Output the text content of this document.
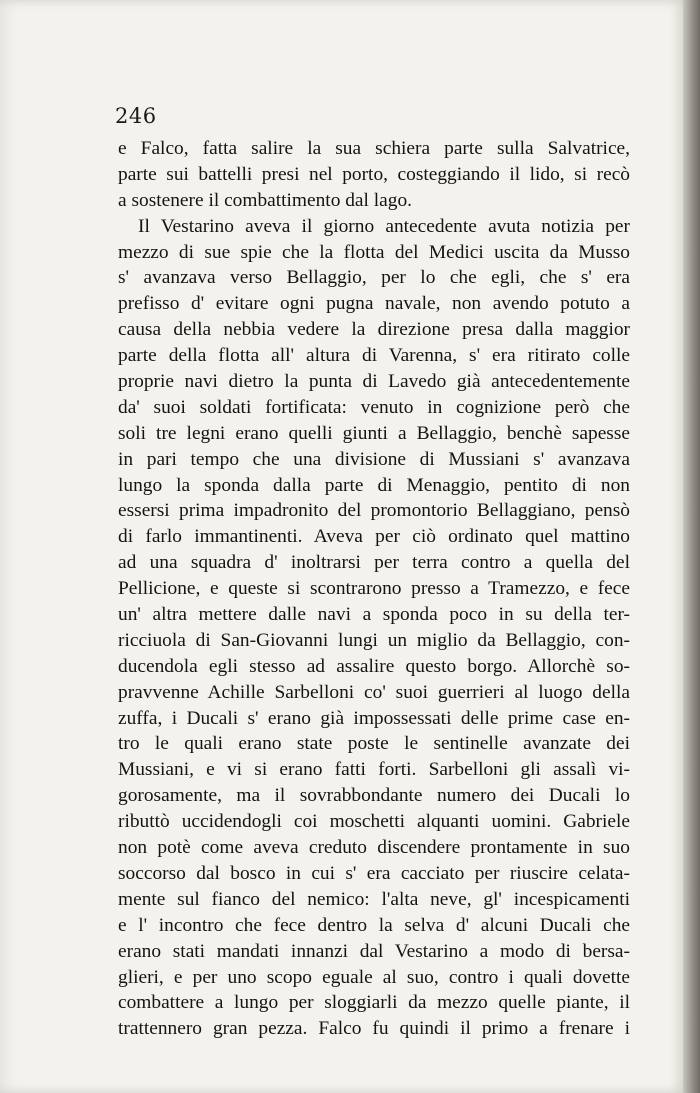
246
e Falco, fatta salire la sua schiera parte sulla Salvatrice,
parte sui battelli presi nel porto, costeggiando il lido, si recò
a sostenere il combattimento dal lago.
Il Vestarino aveva il giorno antecedente avuta notizia per
mezzo di sue spie che la flotta del Medici uscita da Musso
s' avanzava verso Bellaggio, per lo che egli, che s' era
prefisso d' evitare ogni pugna navale, non avendo potuto a
causa della nebbia vedere la direzione presa dalla maggior
parte della flotta all' altura di Varenna, s' era ritirato colle
proprie navi dietro la punta di Lavedo già antecedentemente
da' suoi soldati fortificata: venuto in cognizione però che
soli tre legni erano quelli giunti a Bellaggio, benchè sapesse
in pari tempo che una divisione di Mussiani s' avanzava
lungo la sponda dalla parte di Menaggio, pentito di non
essersi prima impadronito del promontorio Bellaggiano, pensò
di farlo immantinenti. Aveva per ciò ordinato quel mattino
ad una squadra d' inoltrarsi per terra contro a quella del
Pellicione, e queste si scontrarono presso a Tramezzo, e fece
un' altra mettere dalle navi a sponda poco in su della ter-
ricciuola di San-Giovanni lungi un miglio da Bellaggio, con-
ducendola egli stesso ad assalire questo borgo. Allorchè so-
pravvenne Achille Sarbelloni co' suoi guerrieri al luogo della
zuffa, i Ducali s' erano già impossessati delle prime case en-
tro le quali erano state poste le sentinelle avanzate dei
Mussiani, e vi si erano fatti forti. Sarbelloni gli assalì vi-
gorosamente, ma il sovrabbondante numero dei Ducali lo
ributtò uccidendogli coi moschetti alquanti uomini. Gabriele
non potè come aveva creduto discendere prontamente in suo
soccorso dal bosco in cui s' era cacciato per riuscire celata-
mente sul fianco del nemico: l'alta neve, gl' incespicamenti
e l' incontro che fece dentro la selva d' alcuni Ducali che
erano stati mandati innanzi dal Vestarino a modo di bersa-
glieri, e per uno scopo eguale al suo, contro i quali dovette
combattere a lungo per sloggiarli da mezzo quelle piante, il
trattennero gran pezza. Falco fu quindi il primo a frenare i
